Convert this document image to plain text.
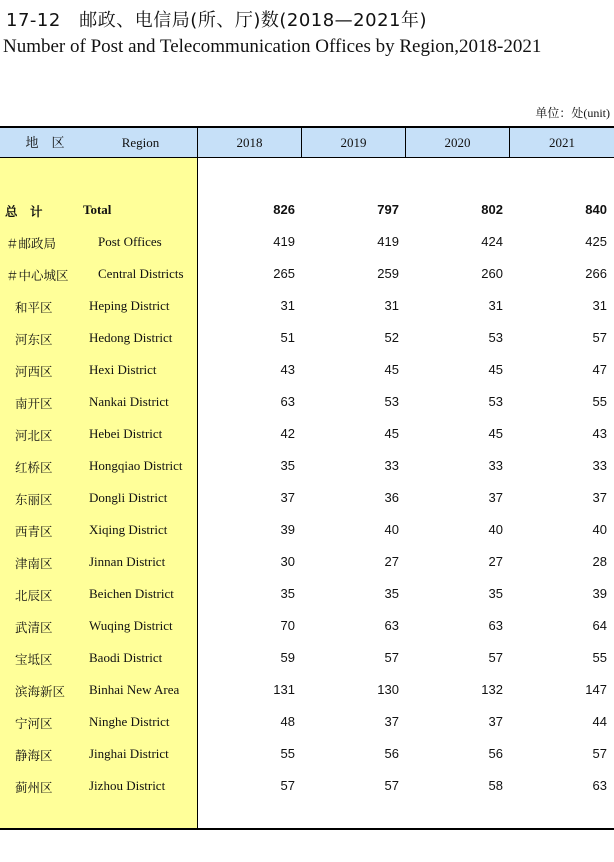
17-12　邮政、电信局(所、厅)数(2018—2021年)
Number of Post and Telecommunication Offices by Region,2018-2021
单位：处(unit)
地　区	Region	2018	2019	2020	2021
总　计	Total	826	797	802	840
＃邮政局	Post Offices	419	419	424	425
＃中心城区 Central Districts	265	259	260	266
和平区	Heping District	31	31	31	31
河东区	Hedong District	51	52	53	57
河西区	Hexi District	43	45	45	47
南开区	Nankai District	63	53	53	55
河北区	Hebei District	42	45	45	43
红桥区	Hongqiao District	35	33	33	33
东丽区	Dongli District	37	36	37	37
西青区	Xiqing District	39	40	40	40
津南区	Jinnan District	30	27	27	28
北辰区	Beichen District	35	35	35	39
武清区	Wuqing District	70	63	63	64
宝坻区	Baodi District	59	57	57	55
滨海新区 Binhai New Area	131	130	132	147
宁河区	Ninghe District	48	37	37	44
静海区	Jinghai District	55	56	56	57
蓟州区	Jizhou District	57	57	58	63
